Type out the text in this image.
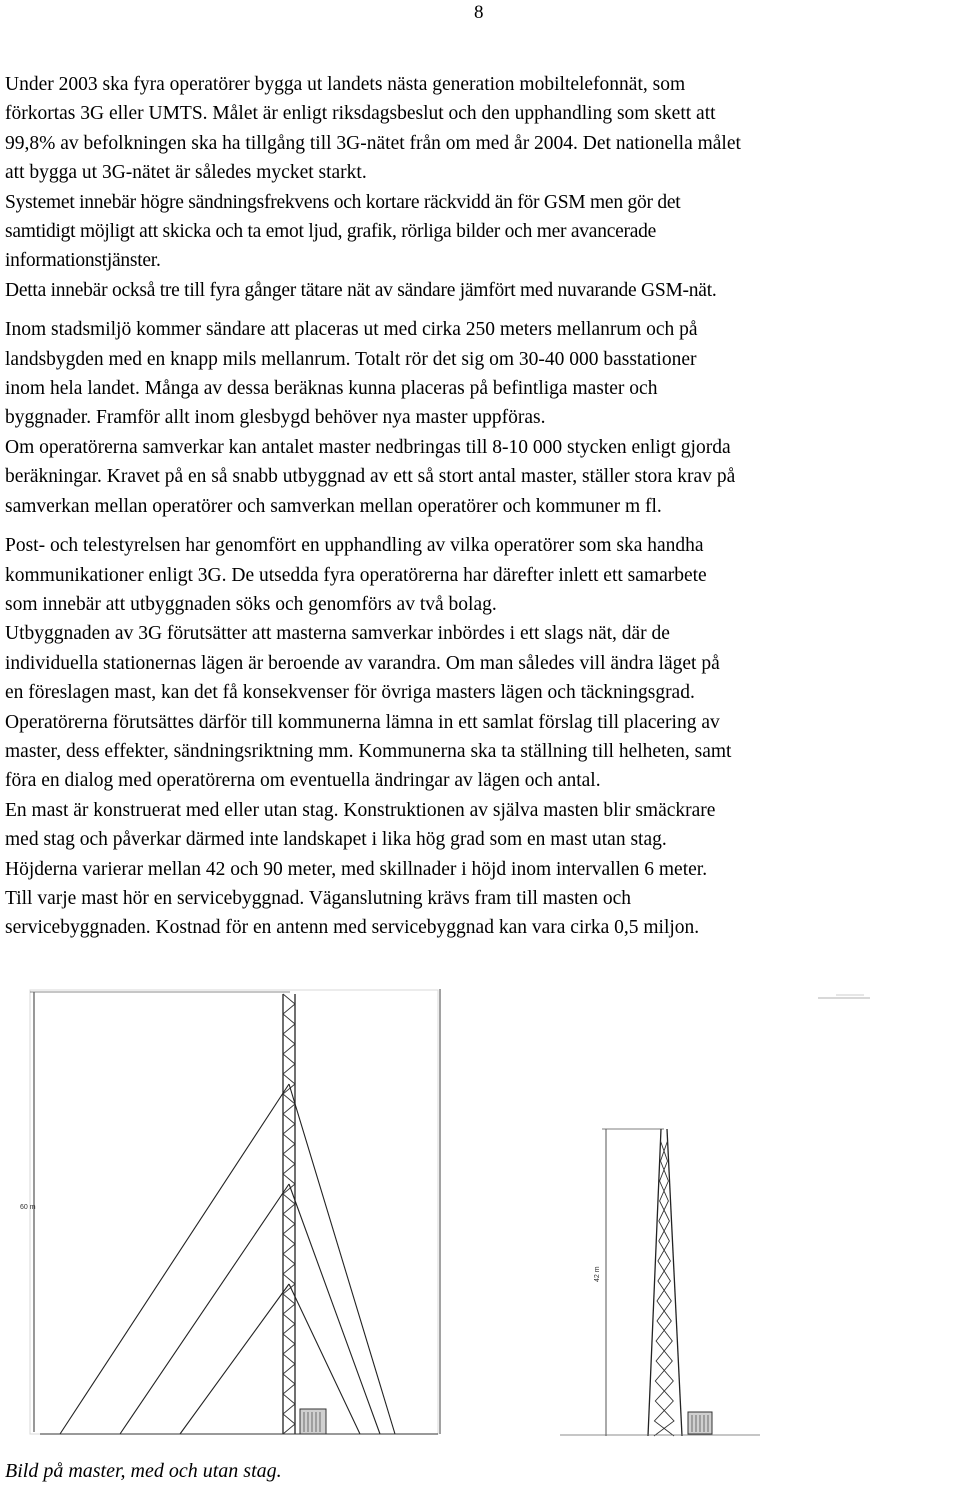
8

Under 2003 ska fyra operatörer bygga ut landets nästa generation mobiltelefonnät, som
förkortas 3G eller UMTS. Målet är enligt riksdagsbeslut och den upphandling som skett att
99,8% av befolkningen ska ha tillgång till 3G-nätet från om med år 2004. Det nationella målet
att bygga ut 3G-nätet är således mycket starkt.

Systemet innebär högre sändningsfrekvens och kortare räckvidd än för GSM men gör det
samtidigt möjligt att skicka och ta emot ljud, grafik, rörliga bilder och mer avancerade
informationstjänster.

Detta innebär också tre till fyra gånger tätare nät av sändare jämfört med nuvarande GSM-nät.

Inom stadsmiljö kommer sändare att placeras ut med cirka 250 meters mellanrum och på
landsbygden med en knapp mils mellanrum. Totalt rör det sig om 30-40 000 basstationer
inom hela landet. Många av dessa beräknas kunna placeras på befintliga master och
byggnader. Framför allt inom glesbygd behöver nya master uppföras.

Om operatörerna samverkar kan antalet master nedbringas till 8-10 000 stycken enligt gjorda
beräkningar. Kravet på en så snabb utbyggnad av ett så stort antal master, ställer stora krav på
samverkan mellan operatörer och samverkan mellan operatörer och kommuner m fl.

Post- och telestyrelsen har genomfört en upphandling av vilka operatörer som ska handha
kommunikationer enligt 3G. De utsedda fyra operatörerna har därefter inlett ett samarbete
som innebär att utbyggnaden söks och genomförs av två bolag.

Utbyggnaden av 3G förutsätter att masterna samverkar inbördes i ett slags nät, där de
individuella stationernas lägen är beroende av varandra. Om man således vill ändra läget på
en föreslagen mast, kan det få konsekvenser för övriga masters lägen och täckningsgrad.

Operatörerna förutsättes därför till kommunerna lämna in ett samlat förslag till placering av
master, dess effekter, sändningsriktning mm. Kommunerna ska ta ställning till helheten, samt
föra en dialog med operatörerna om eventuella ändringar av lägen och antal.

En mast är konstruerat med eller utan stag. Konstruktionen av själva masten blir smäckrare
med stag och påverkar därmed inte landskapet i lika hög grad som en mast utan stag.

Höjderna varierar mellan 42 och 90 meter, med skillnader i höjd inom intervallen 6 meter.

Till varje mast hör en servicebyggnad. Väganslutning krävs fram till masten och
servicebyggnaden. Kostnad för en antenn med servicebyggnad kan vara cirka 0,5 miljon.

60 m
42 m
Bild på master, med och utan stag.
